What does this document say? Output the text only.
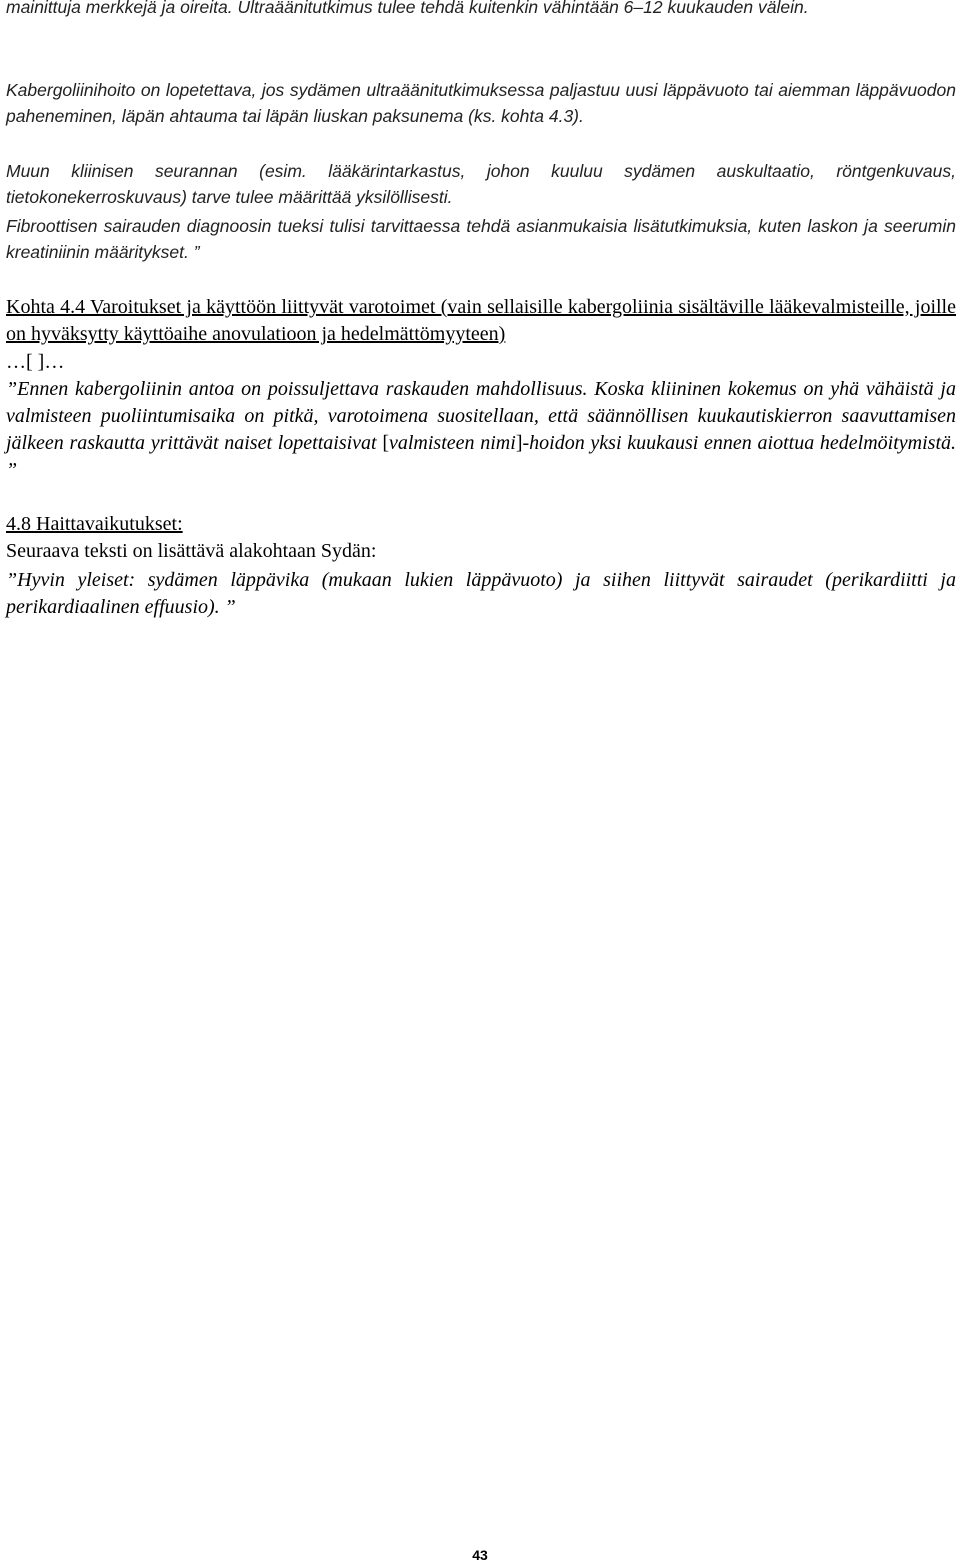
mainittuja merkkejä ja oireita. Ultraäänitutkimus tulee tehdä kuitenkin vähintään 6–12 kuukauden välein.

Kabergoliinihoito on lopetettava, jos sydämen ultraäänitutkimuksessa paljastuu uusi läppävuoto tai aiemman läppävuodon paheneminen, läpän ahtauma tai läpän liuskan paksunema (ks. kohta 4.3).

Muun kliinisen seurannan (esim. lääkärintarkastus, johon kuuluu sydämen auskultaatio, röntgenkuvaus, tietokonekerroskuvaus) tarve tulee määrittää yksilöllisesti.

Fibroottisen sairauden diagnoosin tueksi tulisi tarvittaessa tehdä asianmukaisia lisätutkimuksia, kuten laskon ja seerumin kreatiniinin määritykset. ”

Kohta 4.4 Varoitukset ja käyttöön liittyvät varotoimet (vain sellaisille kabergoliinia sisältäville lääkevalmisteille, joille on hyväksytty käyttöaihe anovulatioon ja hedelmättömyyteen)

…[ ]…

”Ennen kabergoliinin antoa on poissuljettava raskauden mahdollisuus. Koska kliininen kokemus on yhä vähäistä ja valmisteen puoliintumisaika on pitkä, varotoimena suositellaan, että säännöllisen kuukautiskierron saavuttamisen jälkeen raskautta yrittävät naiset lopettaisivat [valmisteen nimi]-hoidon yksi kuukausi ennen aiottua hedelmöitymistä. ”

4.8 Haittavaikutukset:

Seuraava teksti on lisättävä alakohtaan Sydän:

”Hyvin yleiset: sydämen läppävika (mukaan lukien läppävuoto) ja siihen liittyvät sairaudet (perikardiitti ja perikardiaalinen effuusio). ”

43
